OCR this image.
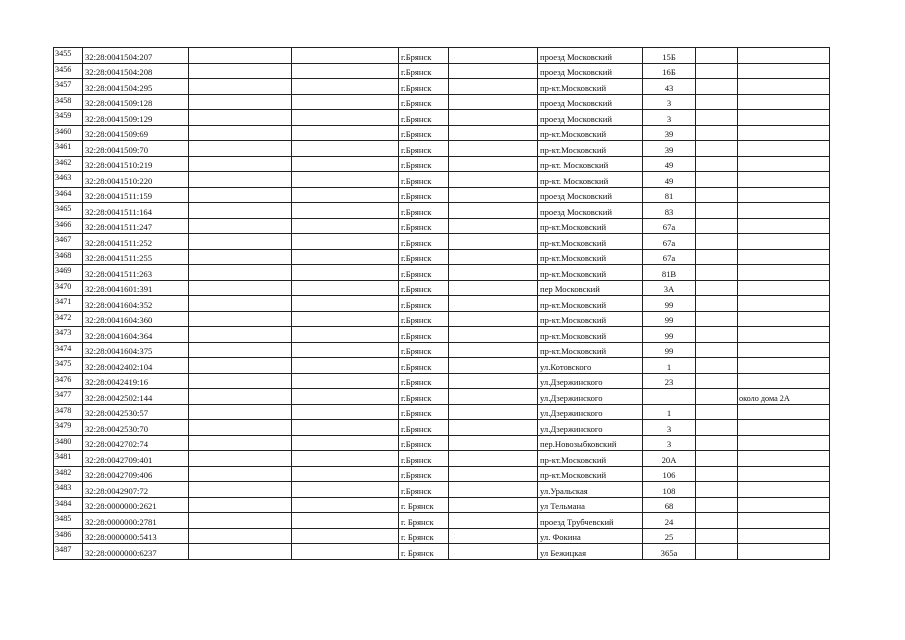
3455	32:28:0041504:207			г.Брянск		проезд Московский	15Б		
3456	32:28:0041504:208			г.Брянск		проезд Московский	16Б		
3457	32:28:0041504:295			г.Брянск		пр-кт.Московский	43		
3458	32:28:0041509:128			г.Брянск		проезд Московский	3		
3459	32:28:0041509:129			г.Брянск		проезд Московский	3		
3460	32:28:0041509:69			г.Брянск		пр-кт.Московский	39		
3461	32:28:0041509:70			г.Брянск		пр-кт.Московский	39		
3462	32:28:0041510:219			г.Брянск		пр-кт. Московский	49		
3463	32:28:0041510:220			г.Брянск		пр-кт. Московский	49		
3464	32:28:0041511:159			г.Брянск		проезд Московский	81		
3465	32:28:0041511:164			г.Брянск		проезд Московский	83		
3466	32:28:0041511:247			г.Брянск		пр-кт.Московский	67а		
3467	32:28:0041511:252			г.Брянск		пр-кт.Московский	67а		
3468	32:28:0041511:255			г.Брянск		пр-кт.Московский	67а		
3469	32:28:0041511:263			г.Брянск		пр-кт.Московский	81В		
3470	32:28:0041601:391			г.Брянск		пер Московский	3А		
3471	32:28:0041604:352			г.Брянск		пр-кт.Московский	99		
3472	32:28:0041604:360			г.Брянск		пр-кт.Московский	99		
3473	32:28:0041604:364			г.Брянск		пр-кт.Московский	99		
3474	32:28:0041604:375			г.Брянск		пр-кт.Московский	99		
3475	32:28:0042402:104			г.Брянск		ул.Котовского	1		
3476	32:28:0042419:16			г.Брянск		ул.Дзержинского	23		
3477	32:28:0042502:144			г.Брянск		ул.Дзержинского			около дома 2А
3478	32:28:0042530:57			г.Брянск		ул.Дзержинского	1		
3479	32:28:0042530:70			г.Брянск		ул.Дзержинского	3		
3480	32:28:0042702:74			г.Брянск		пер.Новозыбковский	3		
3481	32:28:0042709:401			г.Брянск		пр-кт.Московский	20А		
3482	32:28:0042709:406			г.Брянск		пр-кт.Московский	106		
3483	32:28:0042907:72			г.Брянск		ул.Уральская	108		
3484	32:28:0000000:2621			г. Брянск		ул Тельмана	68		
3485	32:28:0000000:2781			г. Брянск		проезд Трубчевский	24		
3486	32:28:0000000:5413			г. Брянск		ул. Фокина	25		
3487	32:28:0000000:6237			г. Брянск		ул Бежицкая	365а		
